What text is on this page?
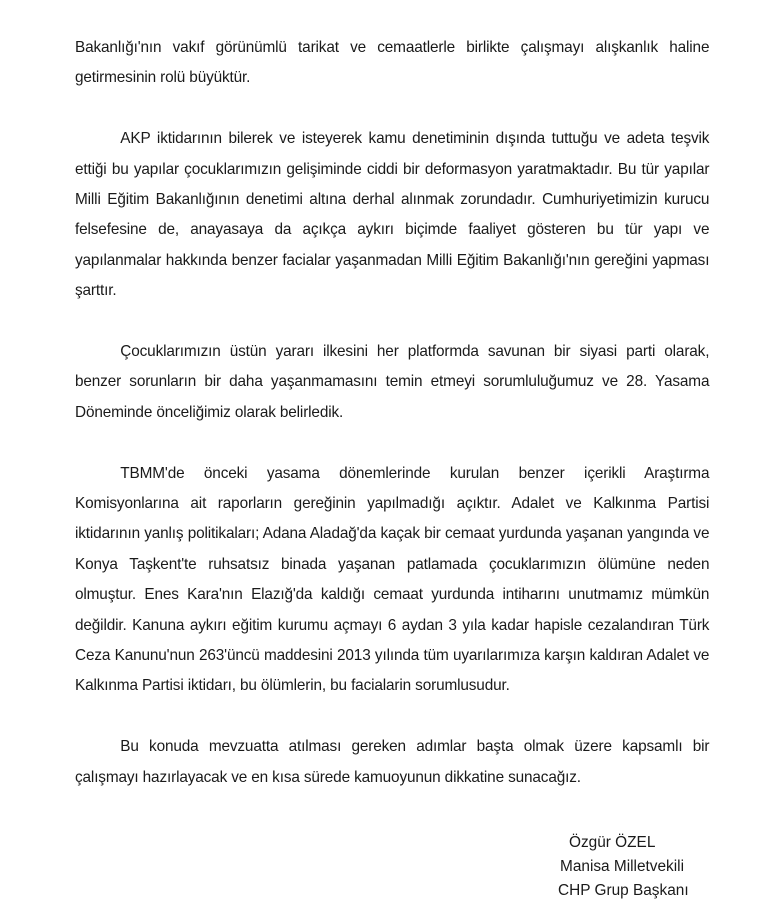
Bakanlığı'nın vakıf görünümlü tarikat ve cemaatlerle birlikte çalışmayı alışkanlık haline getirmesinin rolü büyüktür.

AKP iktidarının bilerek ve isteyerek kamu denetiminin dışında tuttuğu ve adeta teşvik ettiği bu yapılar çocuklarımızın gelişiminde ciddi bir deformasyon yaratmaktadır. Bu tür yapılar Milli Eğitim Bakanlığının denetimi altına derhal alınmak zorundadır. Cumhuriyetimizin kurucu felsefesine de, anayasaya da açıkça aykırı biçimde faaliyet gösteren bu tür yapı ve yapılanmalar hakkında benzer facialar yaşanmadan Milli Eğitim Bakanlığı'nın gereğini yapması şarttır.

Çocuklarımızın üstün yararı ilkesini her platformda savunan bir siyasi parti olarak, benzer sorunların bir daha yaşanmamasını temin etmeyi sorumluluğumuz ve 28. Yasama Döneminde önceliğimiz olarak belirledik.

TBMM'de önceki yasama dönemlerinde kurulan benzer içerikli Araştırma Komisyonlarına ait raporların gereğinin yapılmadığı açıktır. Adalet ve Kalkınma Partisi iktidarının yanlış politikaları; Adana Aladağ'da kaçak bir cemaat yurdunda yaşanan yangında ve Konya Taşkent'te ruhsatsız binada yaşanan patlamada çocuklarımızın ölümüne neden olmuştur. Enes Kara'nın Elazığ'da kaldığı cemaat yurdunda intiharını unutmamız mümkün değildir. Kanuna aykırı eğitim kurumu açmayı 6 aydan 3 yıla kadar hapisle cezalandıran Türk Ceza Kanunu'nun 263'üncü maddesini 2013 yılında tüm uyarılarımıza karşın kaldıran Adalet ve Kalkınma Partisi iktidarı, bu ölümlerin, bu facialarin sorumlusudur.

Bu konuda mevzuatta atılması gereken adımlar başta olmak üzere kapsamlı bir çalışmayı hazırlayacak ve en kısa sürede kamuoyunun dikkatine sunacağız.

Özgür ÖZEL
Manisa Milletvekili
CHP Grup Başkanı
